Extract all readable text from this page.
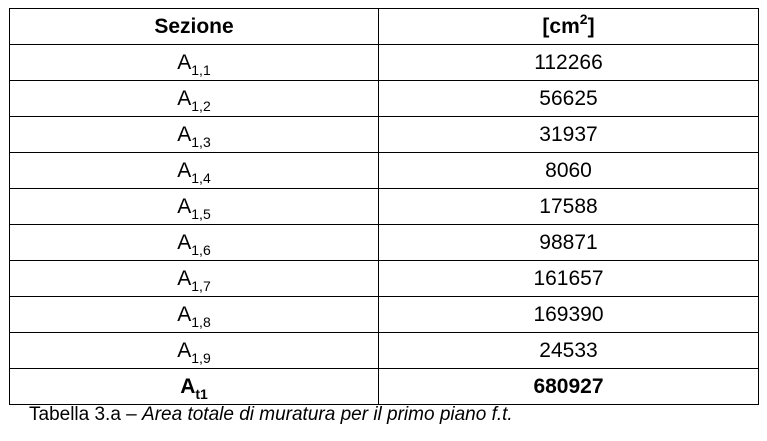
Sezione	$[cm^2]$
$A_{1,1}$	112266
$A_{1,2}$	56625
$A_{1,3}$	31937
$A_{1,4}$	8060
$A_{1,5}$	17588
$A_{1,6}$	98871
$A_{1,7}$	161657
$A_{1,8}$	169390
$A_{1,9}$	24533
$A_{t1}$	680927
Tabella 3.a – Area totale di muratura per il primo piano f.t.
